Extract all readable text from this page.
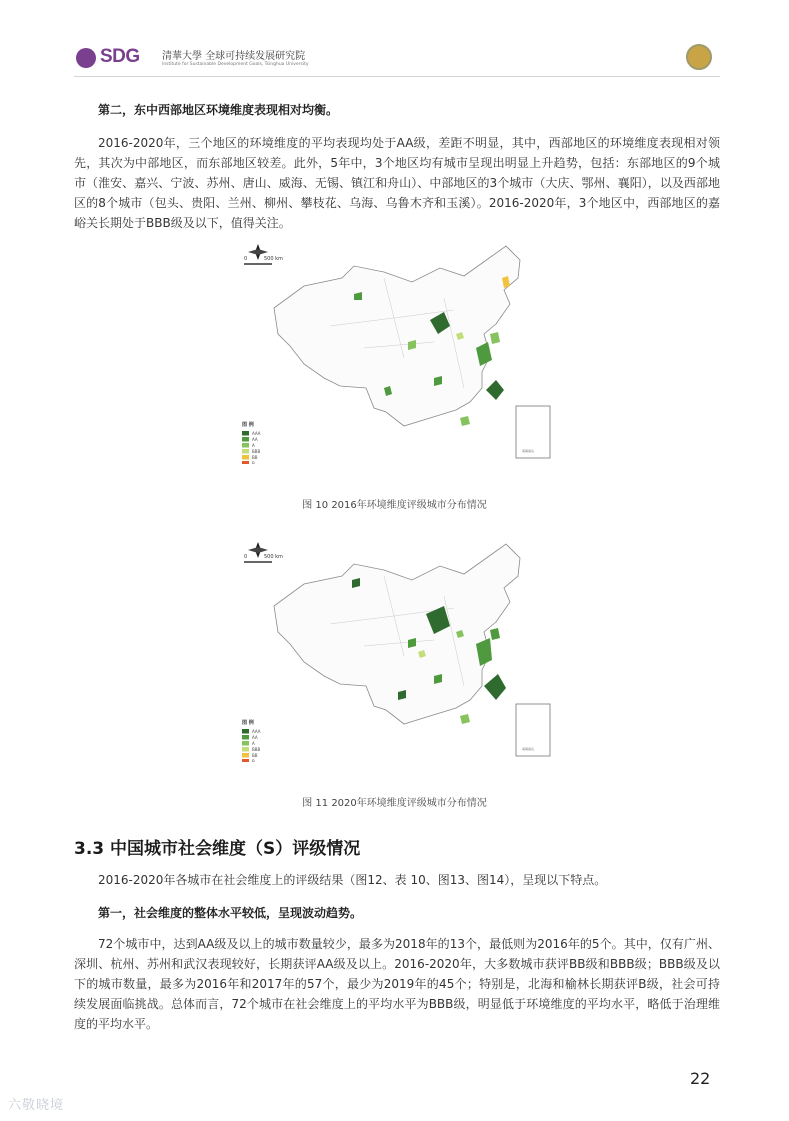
SDG 清華大學 全球可持续发展研究院
Institute for Sustainable Development Goals, Tsinghua University
第二，东中西部地区环境维度表现相对均衡。
2016-2020年，三个地区的环境维度的平均表现均处于AA级，差距不明显，其中，西部地区的环境维度表现相对领先，其次为中部地区，而东部地区较差。此外，5年中，3个地区均有城市呈现出明显上升趋势，包括：东部地区的9个城市（淮安、嘉兴、宁波、苏州、唐山、威海、无锡、镇江和舟山）、中部地区的3个城市（大庆、鄂州、襄阳），以及西部地区的8个城市（包头、贵阳、兰州、柳州、攀枝花、乌海、乌鲁木齐和玉溪）。2016-2020年，3个地区中，西部地区的嘉峪关长期处于BBB级及以下，值得关注。
0	500 km
南海诸岛
图 例
AAA
AA
A
BBB
BB
B
图 10 2016年环境维度评级城市分布情况
0	500 km
南海诸岛
图 例
AAA
AA
A
BBB
BB
B
图 11 2020年环境维度评级城市分布情况
3.3 中国城市社会维度（S）评级情况
2016-2020年各城市在社会维度上的评级结果（图12、表 10、图13、图14），呈现以下特点。
第一，社会维度的整体水平较低，呈现波动趋势。
72个城市中，达到AA级及以上的城市数量较少，最多为2018年的13个，最低则为2016年的5个。其中，仅有广州、深圳、杭州、苏州和武汉表现较好，长期获评AA级及以上。2016-2020年，大多数城市获评BB级和BBB级；BBB级及以下的城市数量，最多为2016年和2017年的57个，最少为2019年的45个；特别是，北海和榆林长期获评B级，社会可持续发展面临挑战。总体而言，72个城市在社会维度上的平均水平为BBB级，明显低于环境维度的平均水平，略低于治理维度的平均水平。
22
六敬晓境
